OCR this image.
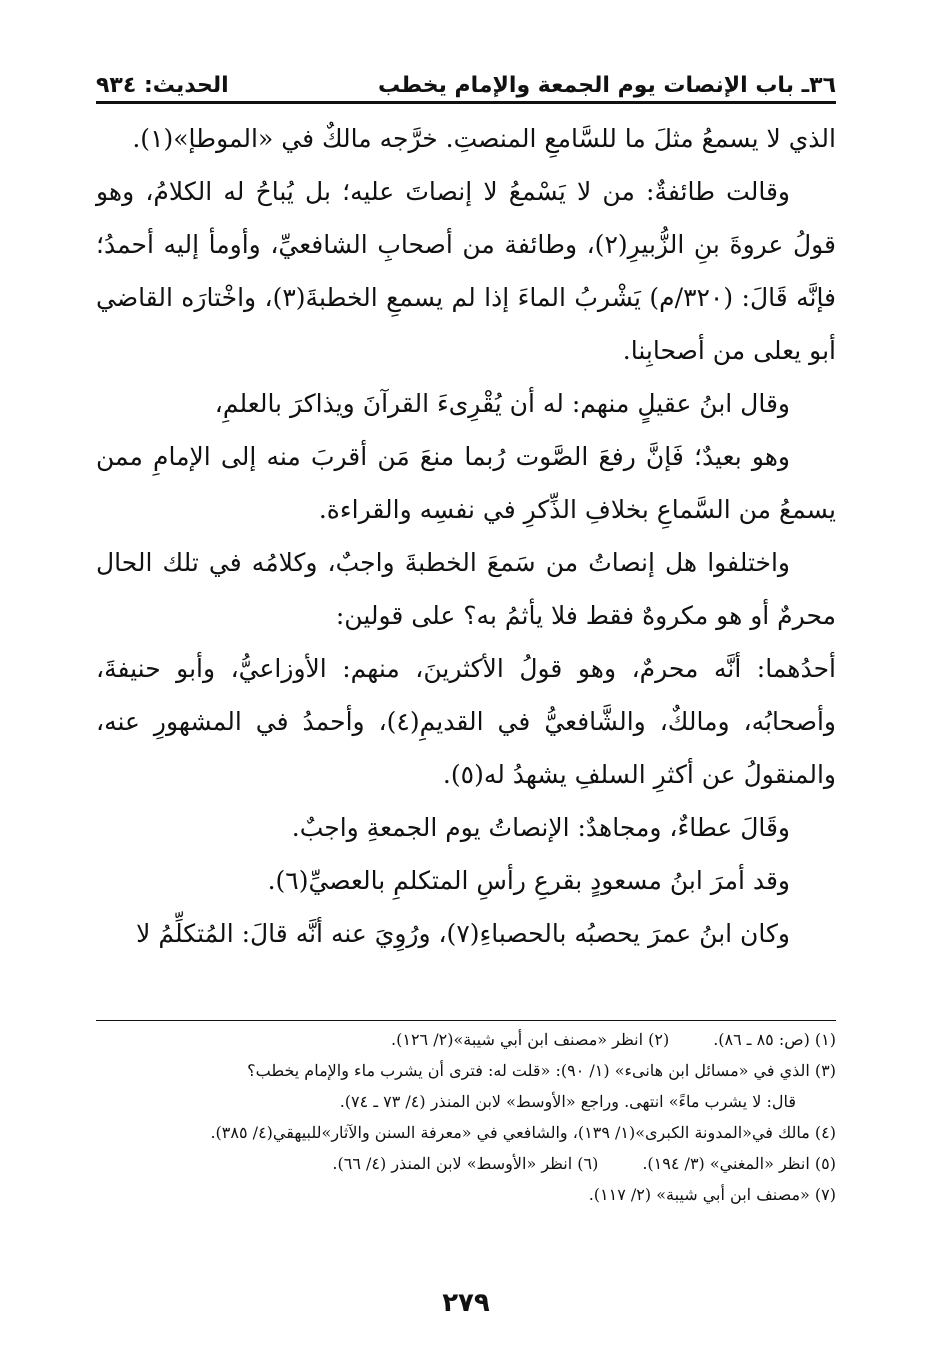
٣٦ـ باب الإنصات يوم الجمعة والإمام يخطب
الحديث: ٩٣٤

الذي لا يسمعُ مثلَ ما للسَّامعِ المنصتِ. خرَّجه مالكٌ في «الموطإ»(١).

وقالت طائفةٌ: من لا يَسْمعُ لا إنصاتَ عليه؛ بل يُباحُ له الكلامُ، وهو قولُ عروةَ بنِ الزُّبيرِ(٢)، وطائفة من أصحابِ الشافعيِّ، وأومأ إليه أحمدُ؛ فإنَّه قَالَ: (٣٢٠/م) يَشْربُ الماءَ إذا لم يسمعِ الخطبةَ(٣)، واخْتارَه القاضي أبو يعلى من أصحابِنا.

وقال ابنُ عقيلٍ منهم: له أن يُقْرِىءَ القرآنَ ويذاكرَ بالعلمِ،

وهو بعيدٌ؛ فَإنَّ رفعَ الصَّوت رُبما منعَ مَن أقربَ منه إلى الإمامِ ممن يسمعُ من السَّماعِ بخلافِ الذِّكرِ في نفسِه والقراءة.

واختلفوا هل إنصاتُ من سَمعَ الخطبةَ واجبٌ، وكلامُه في تلك الحال محرمٌ أو هو مكروهٌ فقط فلا يأثمُ به؟ على قولين:

أحدُهما: أنَّه محرمٌ، وهو قولُ الأكثرينَ، منهم: الأوزاعيُّ، وأبو حنيفةَ، وأصحابُه، ومالكٌ، والشَّافعيُّ في القديمِ(٤)، وأحمدُ في المشهورِ عنه، والمنقولُ عن أكثرِ السلفِ يشهدُ له(٥).

وقَالَ عطاءٌ، ومجاهدٌ: الإنصاتُ يوم الجمعةِ واجبٌ.

وقد أمرَ ابنُ مسعودٍ بقرعِ رأسِ المتكلمِ بالعصيِّ(٦).

وكان ابنُ عمرَ يحصبُه بالحصباءِ(٧)، ورُوِيَ عنه أنَّه قالَ: المُتكلِّمُ لا

(١) (ص: ٨٥ ـ ٨٦).
(٢) انظر «مصنف ابن أبي شيبة»(٢/ ١٢٦).

(٣) الذي في «مسائل ابن هانىء» (١/ ٩٠): «قلت له: فترى أن يشرب ماء والإمام يخطب؟

قال: لا يشرب ماءً» انتهى. وراجع «الأوسط» لابن المنذر (٤/ ٧٣ ـ ٧٤).

(٤) مالك في«المدونة الكبرى»(١/ ١٣٩)، والشافعي في «معرفة السنن والآثار»للبيهقي(٤/ ٣٨٥).

(٥) انظر «المغني» (٣/ ١٩٤).
(٦) انظر «الأوسط» لابن المنذر (٤/ ٦٦).

(٧) «مصنف ابن أبي شيبة» (٢/ ١١٧).

٢٧٩
